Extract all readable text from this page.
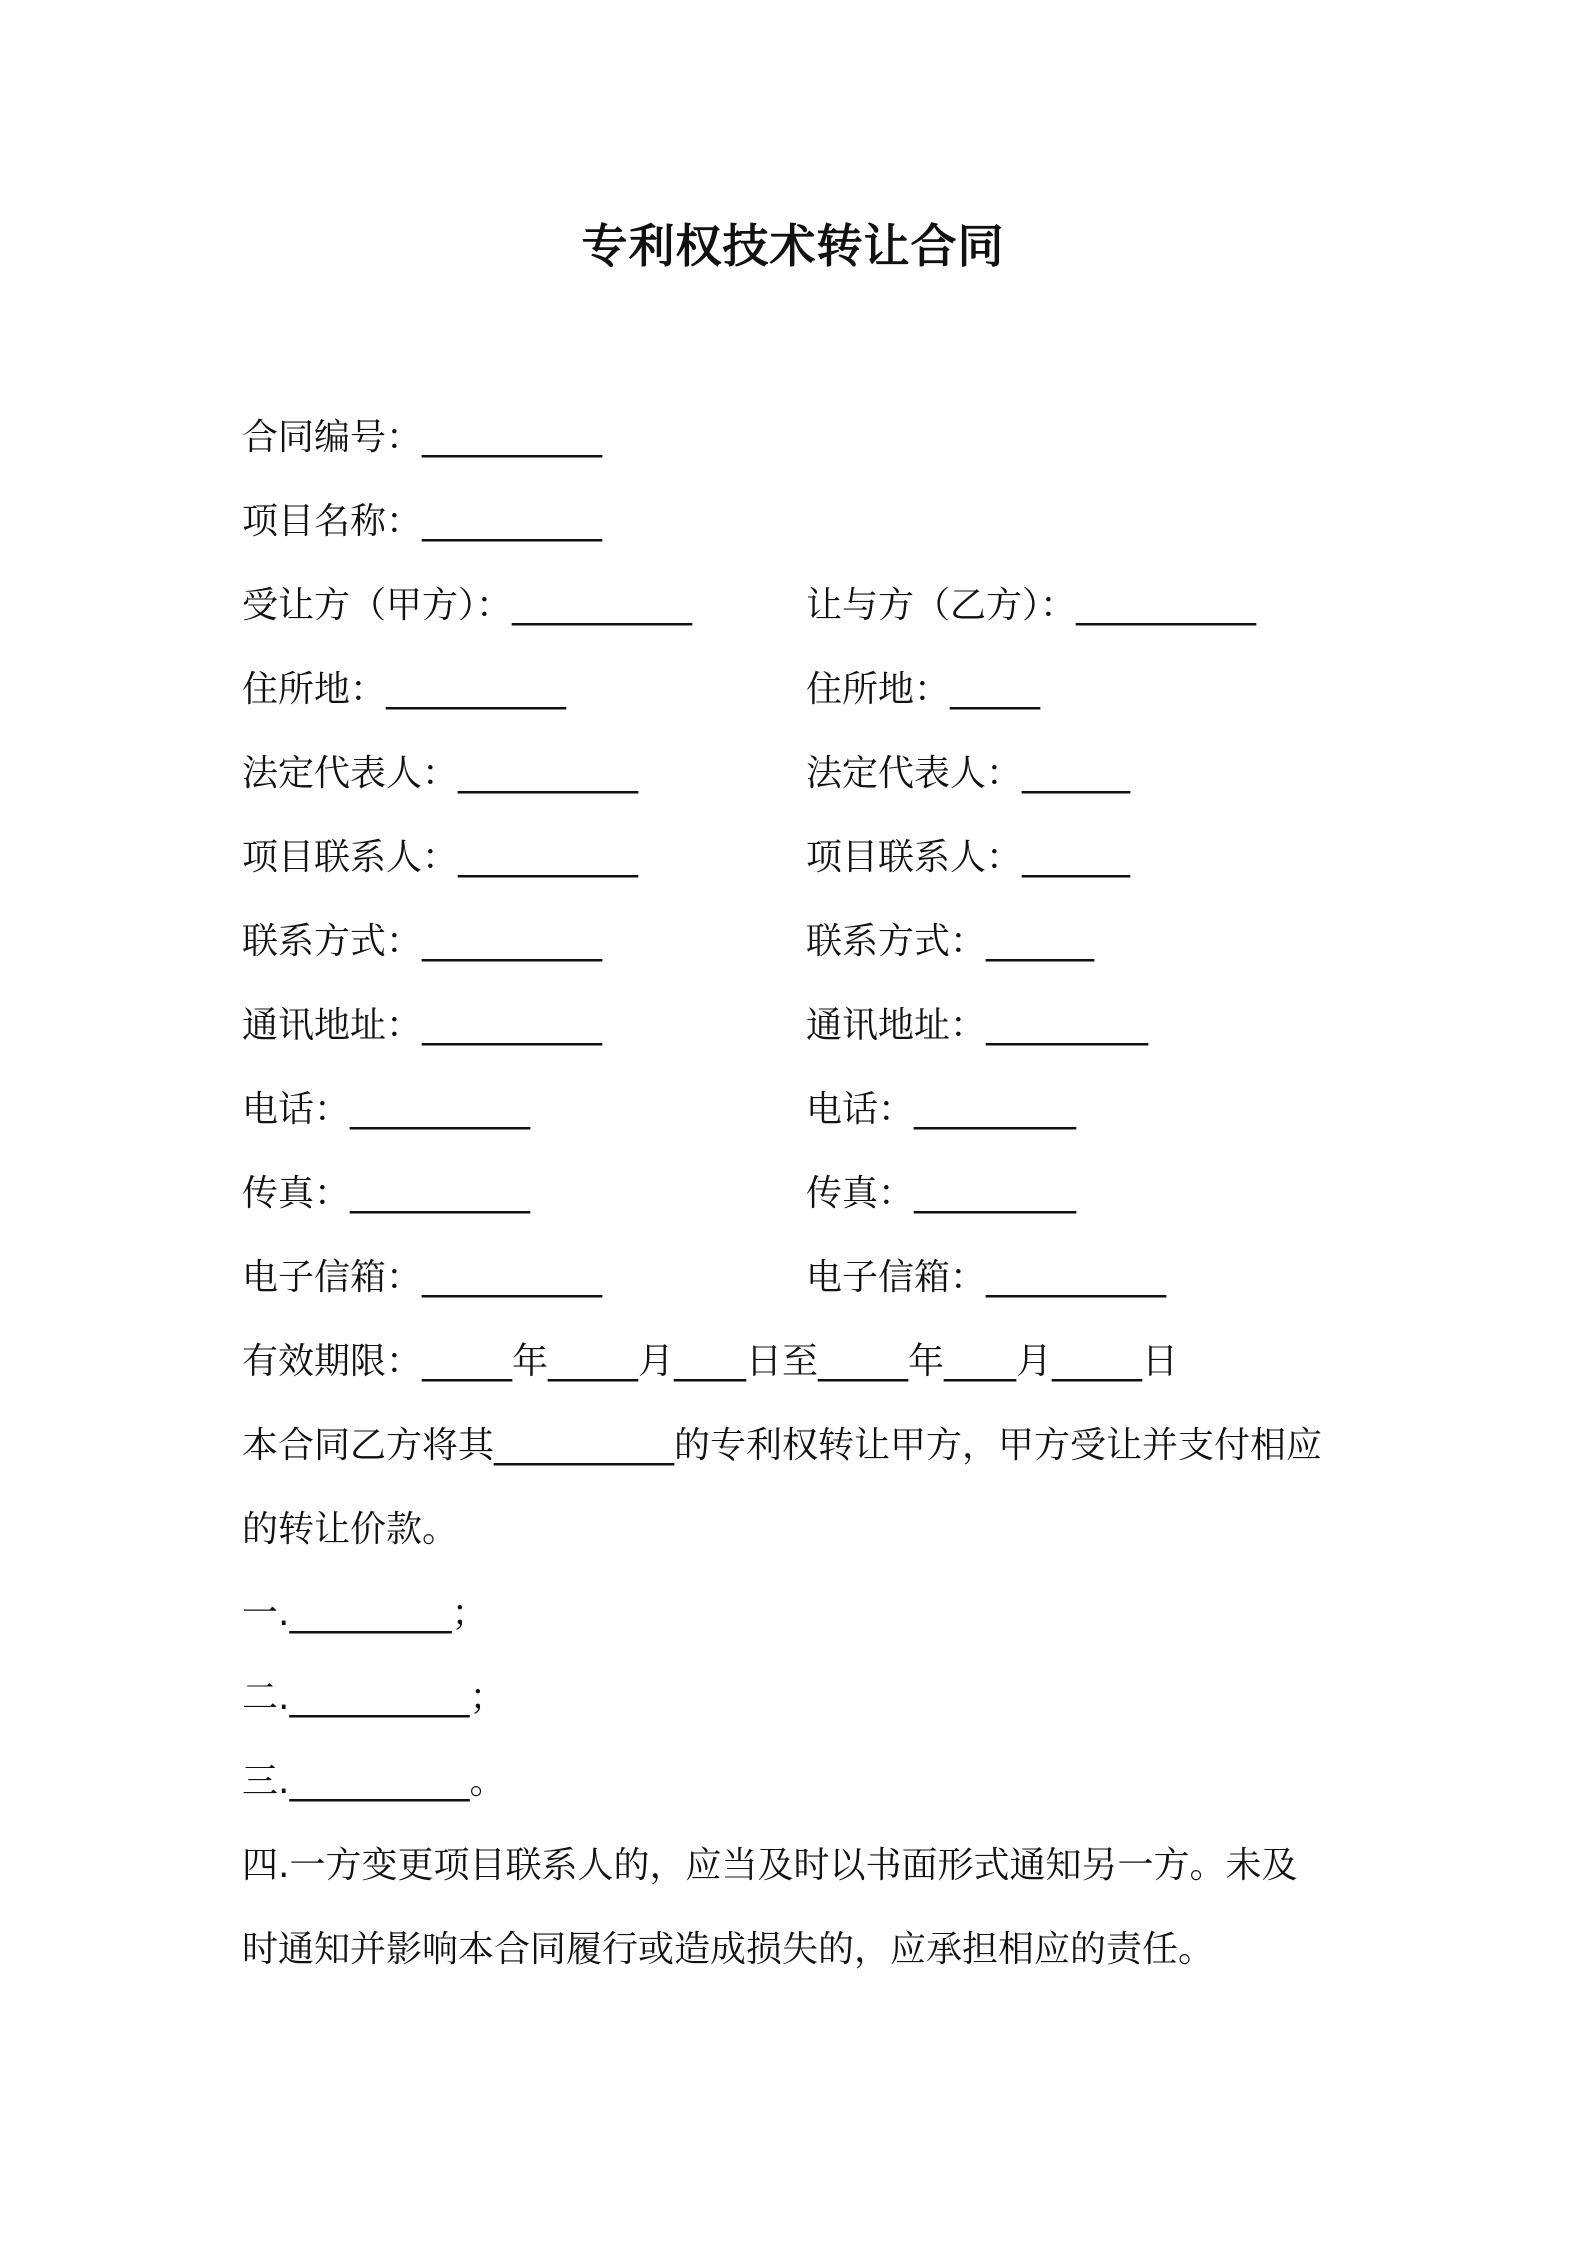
专利权技术转让合同
合同编号：__________
项目名称：__________
受让方（甲方）：__________	让与方（乙方）：__________
住所地：__________	住所地：_____
法定代表人：__________	法定代表人：______
项目联系人：__________	项目联系人：______
联系方式：__________	联系方式：______
通讯地址：__________	通讯地址：_________
电话：__________	电话：_________
传真：__________	传真：_________
电子信箱：__________	电子信箱：__________
有效期限：_____年_____月____日至_____年____月_____日
本合同乙方将其__________的专利权转让甲方，甲方受让并支付相应
的转让价款。
一._________；
二.__________；
三.__________。
四.一方变更项目联系人的，应当及时以书面形式通知另一方。未及
时通知并影响本合同履行或造成损失的，应承担相应的责任。
